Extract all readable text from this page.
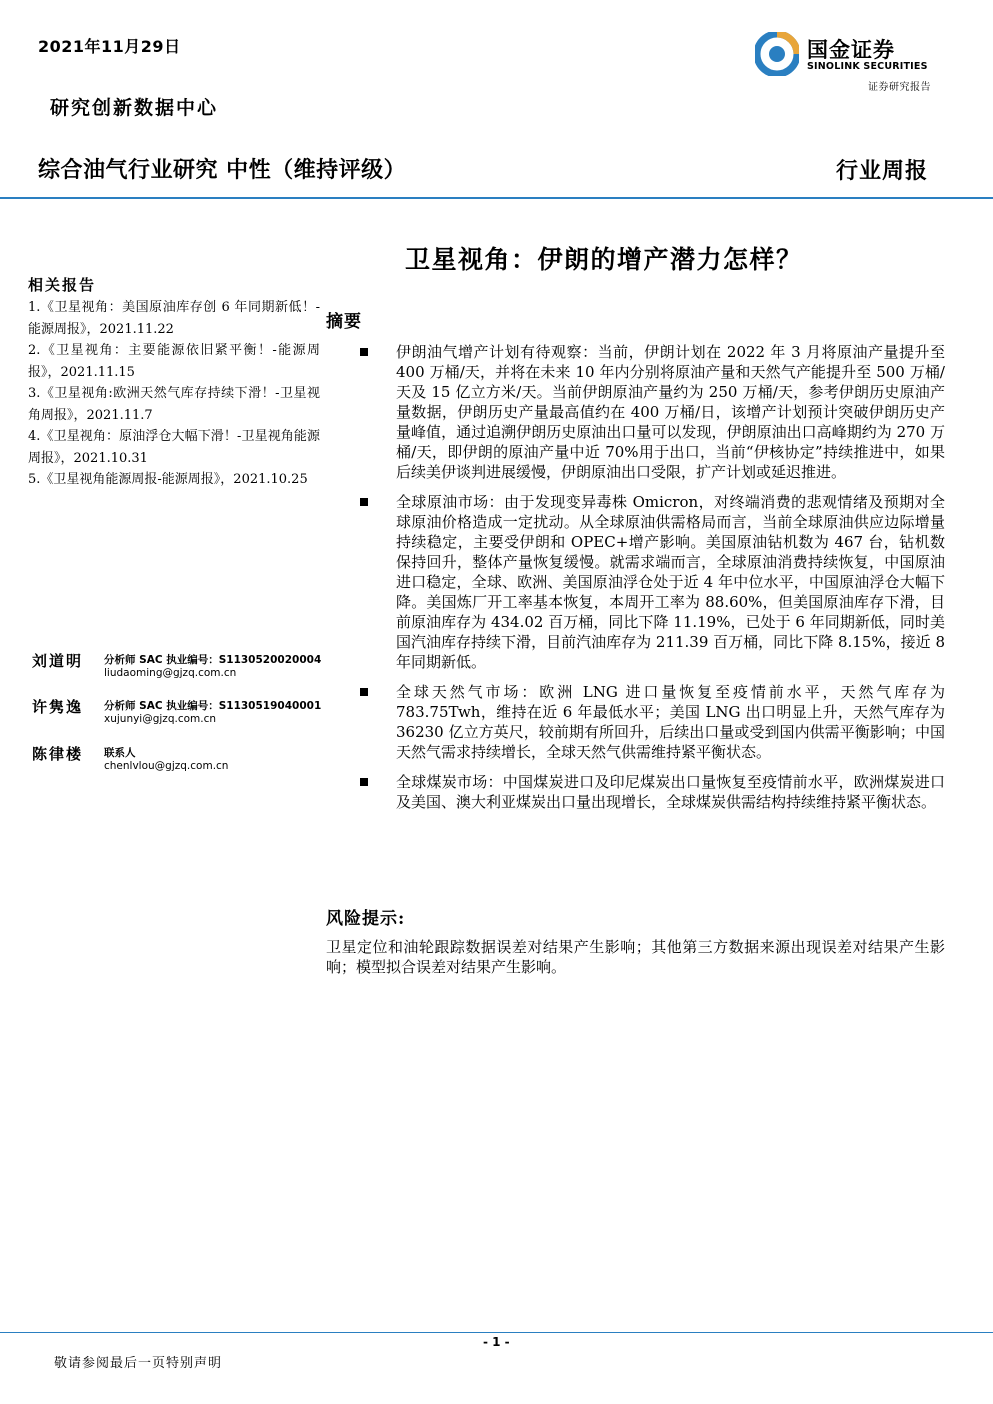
2021年11月29日
研究创新数据中心
国金证券
SINOLINK SECURITIES
证券研究报告
综合油气行业研究 中性（维持评级）	行业周报
卫星视角：伊朗的增产潜力怎样？
相关报告
1.《卫星视角：美国原油库存创 6 年同期新低！-能源周报》，2021.11.22
2.《卫星视角：主要能源依旧紧平衡！-能源周报》，2021.11.15
3.《卫星视角:欧洲天然气库存持续下滑！-卫星视角周报》，2021.11.7
4.《卫星视角：原油浮仓大幅下滑！-卫星视角能源周报》，2021.10.31
5.《卫星视角能源周报-能源周报》，2021.10.25
刘道明 分析师 SAC 执业编号：S1130520020004
liudaoming@gjzq.com.cn
许隽逸 分析师 SAC 执业编号：S1130519040001
xujunyi@gjzq.com.cn
陈律楼 联系人
chenlvlou@gjzq.com.cn
摘要
伊朗油气增产计划有待观察：当前，伊朗计划在 2022 年 3 月将原油产量提升至 400 万桶/天，并将在未来 10 年内分别将原油产量和天然气产能提升至 500 万桶/天及 15 亿立方米/天。当前伊朗原油产量约为 250 万桶/天，参考伊朗历史原油产量数据，伊朗历史产量最高值约在 400 万桶/日，该增产计划预计突破伊朗历史产量峰值，通过追溯伊朗历史原油出口量可以发现，伊朗原油出口高峰期约为 270 万桶/天，即伊朗的原油产量中近 70%用于出口，当前“伊核协定”持续推进中，如果后续美伊谈判进展缓慢，伊朗原油出口受限，扩产计划或延迟推进。
全球原油市场：由于发现变异毒株 Omicron，对终端消费的悲观情绪及预期对全球原油价格造成一定扰动。从全球原油供需格局而言，当前全球原油供应边际增量持续稳定，主要受伊朗和 OPEC+增产影响。美国原油钻机数为 467 台，钻机数保持回升，整体产量恢复缓慢。就需求端而言，全球原油消费持续恢复，中国原油进口稳定，全球、欧洲、美国原油浮仓处于近 4 年中位水平，中国原油浮仓大幅下降。美国炼厂开工率基本恢复，本周开工率为 88.60%，但美国原油库存下滑，目前原油库存为 434.02 百万桶，同比下降 11.19%，已处于 6 年同期新低，同时美国汽油库存持续下滑，目前汽油库存为 211.39 百万桶，同比下降 8.15%，接近 8 年同期新低。
全球天然气市场：欧洲 LNG 进口量恢复至疫情前水平，天然气库存为 783.75Twh，维持在近 6 年最低水平；美国 LNG 出口明显上升，天然气库存为 36230 亿立方英尺，较前期有所回升，后续出口量或受到国内供需平衡影响；中国天然气需求持续增长，全球天然气供需维持紧平衡状态。
全球煤炭市场：中国煤炭进口及印尼煤炭出口量恢复至疫情前水平，欧洲煤炭进口及美国、澳大利亚煤炭出口量出现增长，全球煤炭供需结构持续维持紧平衡状态。
风险提示:
卫星定位和油轮跟踪数据误差对结果产生影响；其他第三方数据来源出现误差对结果产生影响；模型拟合误差对结果产生影响。
- 1 -
敬请参阅最后一页特别声明
